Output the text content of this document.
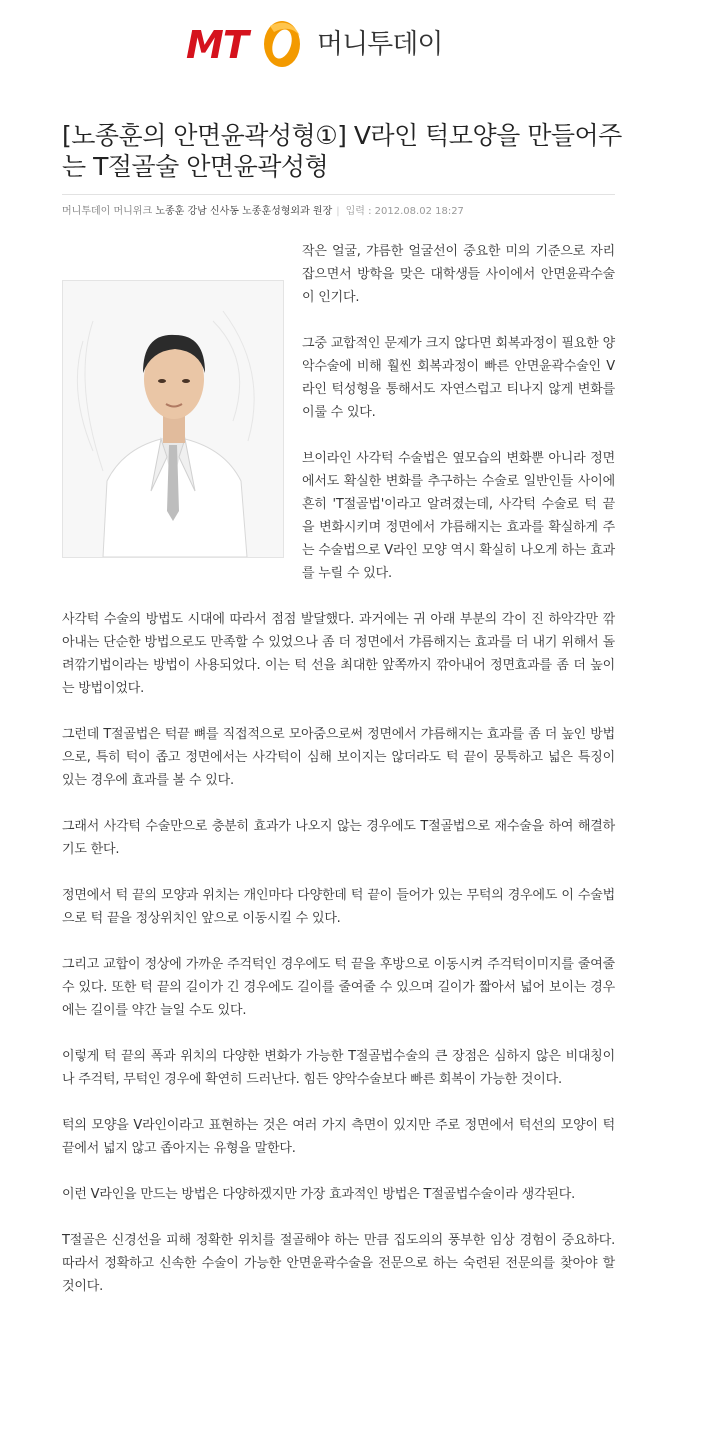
MT	머니투데이
[노종훈의 안면윤곽성형①] V라인 턱모양을 만들어주는 T절골술 안면윤곽성형
머니투데이 머니위크 노종훈 강남 신사동 노종훈성형외과 원장 | 입력 : 2012.08.02 18:27

작은 얼굴, 갸름한 얼굴선이 중요한 미의 기준으로 자리 잡으면서 방학을 맞은 대학생들 사이에서 안면윤곽수술이 인기다.

그중 교합적인 문제가 크지 않다면 회복과정이 필요한 양악수술에 비해 훨씬 회복과정이 빠른 안면윤곽수술인 V라인 턱성형을 통해서도 자연스럽고 티나지 않게 변화를 이룰 수 있다.

브이라인 사각턱 수술법은 옆모습의 변화뿐 아니라 정면에서도 확실한 변화를 추구하는 수술로 일반인들 사이에 흔히 'T절골법'이라고 알려졌는데, 사각턱 수술로 턱 끝을 변화시키며 정면에서 갸름해지는 효과를 확실하게 주는 수술법으로 V라인 모양 역시 확실히 나오게 하는 효과를 누릴 수 있다.

사각턱 수술의 방법도 시대에 따라서 점점 발달했다. 과거에는 귀 아래 부분의 각이 진 하악각만 깎아내는 단순한 방법으로도 만족할 수 있었으나 좀 더 정면에서 갸름해지는 효과를 더 내기 위해서 돌려깎기법이라는 방법이 사용되었다. 이는 턱 선을 최대한 앞쪽까지 깎아내어 정면효과를 좀 더 높이는 방법이었다.

그런데 T절골법은 턱끝 뼈를 직접적으로 모아줌으로써 정면에서 갸름해지는 효과를 좀 더 높인 방법으로, 특히 턱이 좁고 정면에서는 사각턱이 심해 보이지는 않더라도 턱 끝이 뭉툭하고 넓은 특징이 있는 경우에 효과를 볼 수 있다.

그래서 사각턱 수술만으로 충분히 효과가 나오지 않는 경우에도 T절골법으로 재수술을 하여 해결하기도 한다.

정면에서 턱 끝의 모양과 위치는 개인마다 다양한데 턱 끝이 들어가 있는 무턱의 경우에도 이 수술법으로 턱 끝을 정상위치인 앞으로 이동시킬 수 있다.

그리고 교합이 정상에 가까운 주걱턱인 경우에도 턱 끝을 후방으로 이동시켜 주걱턱이미지를 줄여줄 수 있다. 또한 턱 끝의 길이가 긴 경우에도 길이를 줄여줄 수 있으며 길이가 짧아서 넓어 보이는 경우에는 길이를 약간 늘일 수도 있다.

이렇게 턱 끝의 폭과 위치의 다양한 변화가 가능한 T절골법수술의 큰 장점은 심하지 않은 비대칭이나 주걱턱, 무턱인 경우에 확연히 드러난다. 힘든 양악수술보다 빠른 회복이 가능한 것이다.

턱의 모양을 V라인이라고 표현하는 것은 여러 가지 측면이 있지만 주로 정면에서 턱선의 모양이 턱 끝에서 넓지 않고 좁아지는 유형을 말한다.

이런 V라인을 만드는 방법은 다양하겠지만 가장 효과적인 방법은 T절골법수술이라 생각된다.

T절골은 신경선을 피해 정확한 위치를 절골해야 하는 만큼 집도의의 풍부한 임상 경험이 중요하다. 따라서 정확하고 신속한 수술이 가능한 안면윤곽수술을 전문으로 하는 숙련된 전문의를 찾아야 할 것이다.
